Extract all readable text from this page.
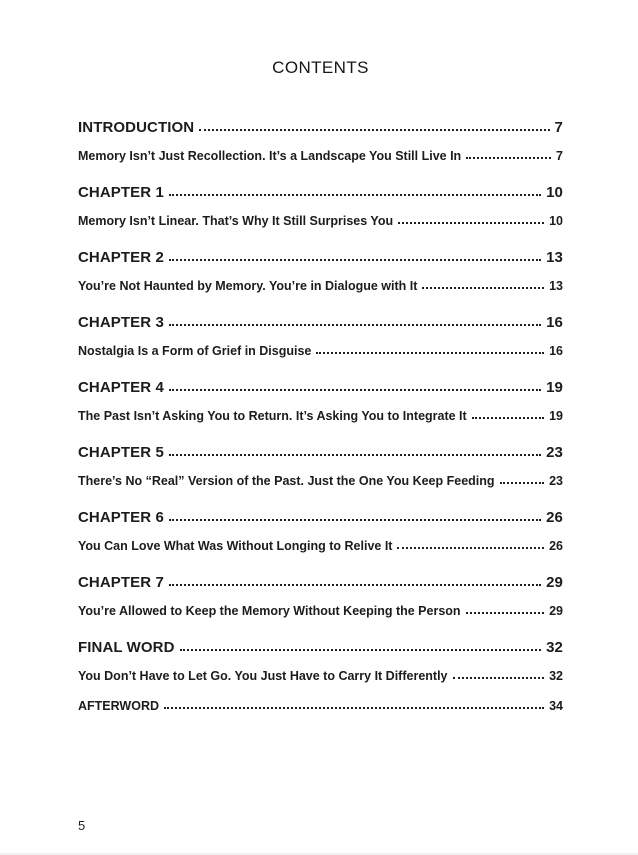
CONTENTS
INTRODUCTION	7
Memory Isn’t Just Recollection. It’s a Landscape You Still Live In	7
CHAPTER 1	10
Memory Isn’t Linear. That’s Why It Still Surprises You	10
CHAPTER 2	13
You’re Not Haunted by Memory. You’re in Dialogue with It	13
CHAPTER 3	16
Nostalgia Is a Form of Grief in Disguise	16
CHAPTER 4	19
The Past Isn’t Asking You to Return. It’s Asking You to Integrate It	19
CHAPTER 5	23
There’s No “Real” Version of the Past. Just the One You Keep Feeding	23
CHAPTER 6	26
You Can Love What Was Without Longing to Relive It	26
CHAPTER 7	29
You’re Allowed to Keep the Memory Without Keeping the Person	29
FINAL WORD	32
You Don’t Have to Let Go. You Just Have to Carry It Differently	32
AFTERWORD	34
5
